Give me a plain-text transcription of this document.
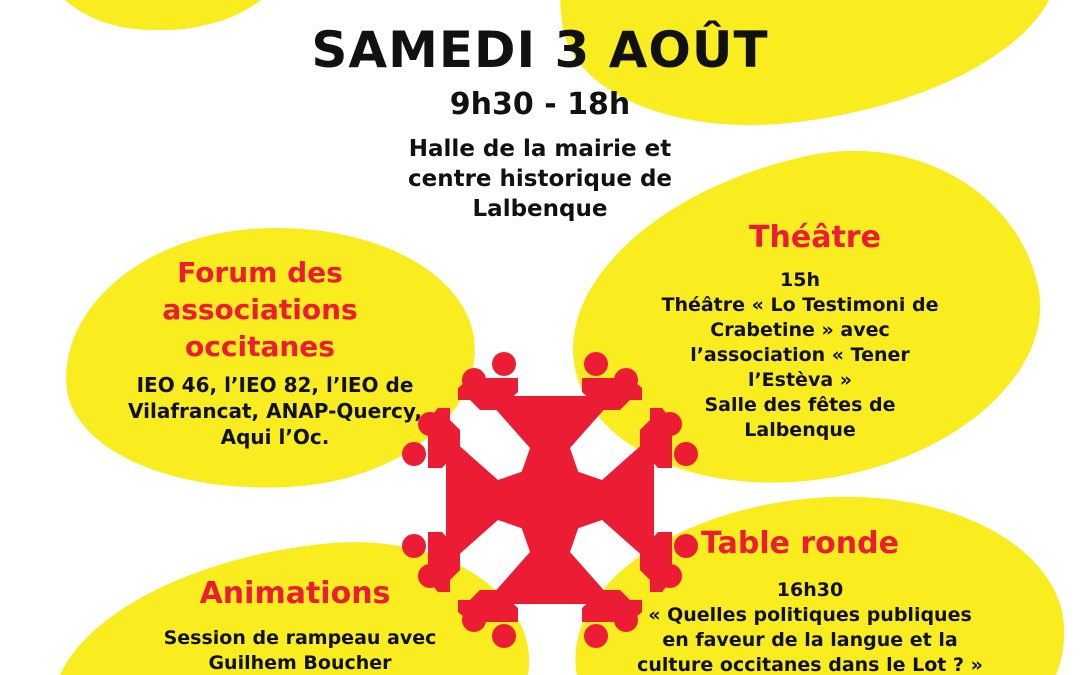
SAMEDI 3 AOÛT
9h30 - 18h
Halle de la mairie et
centre historique de
Lalbenque
Forum des
associations
occitanes
IEO 46, l’IEO 82, l’IEO de
Vilafrancat, ANAP-Quercy,
Aqui l’Oc.
Théâtre
15h
Théâtre « Lo Testimoni de
Crabetine » avec
l’association « Tener
l’Estèva »
Salle des fêtes de
Lalbenque
Table ronde
16h30
« Quelles politiques publiques
en faveur de la langue et la
culture occitanes dans le Lot ? »
Animations
Session de rampeau avec
Guilhem Boucher
